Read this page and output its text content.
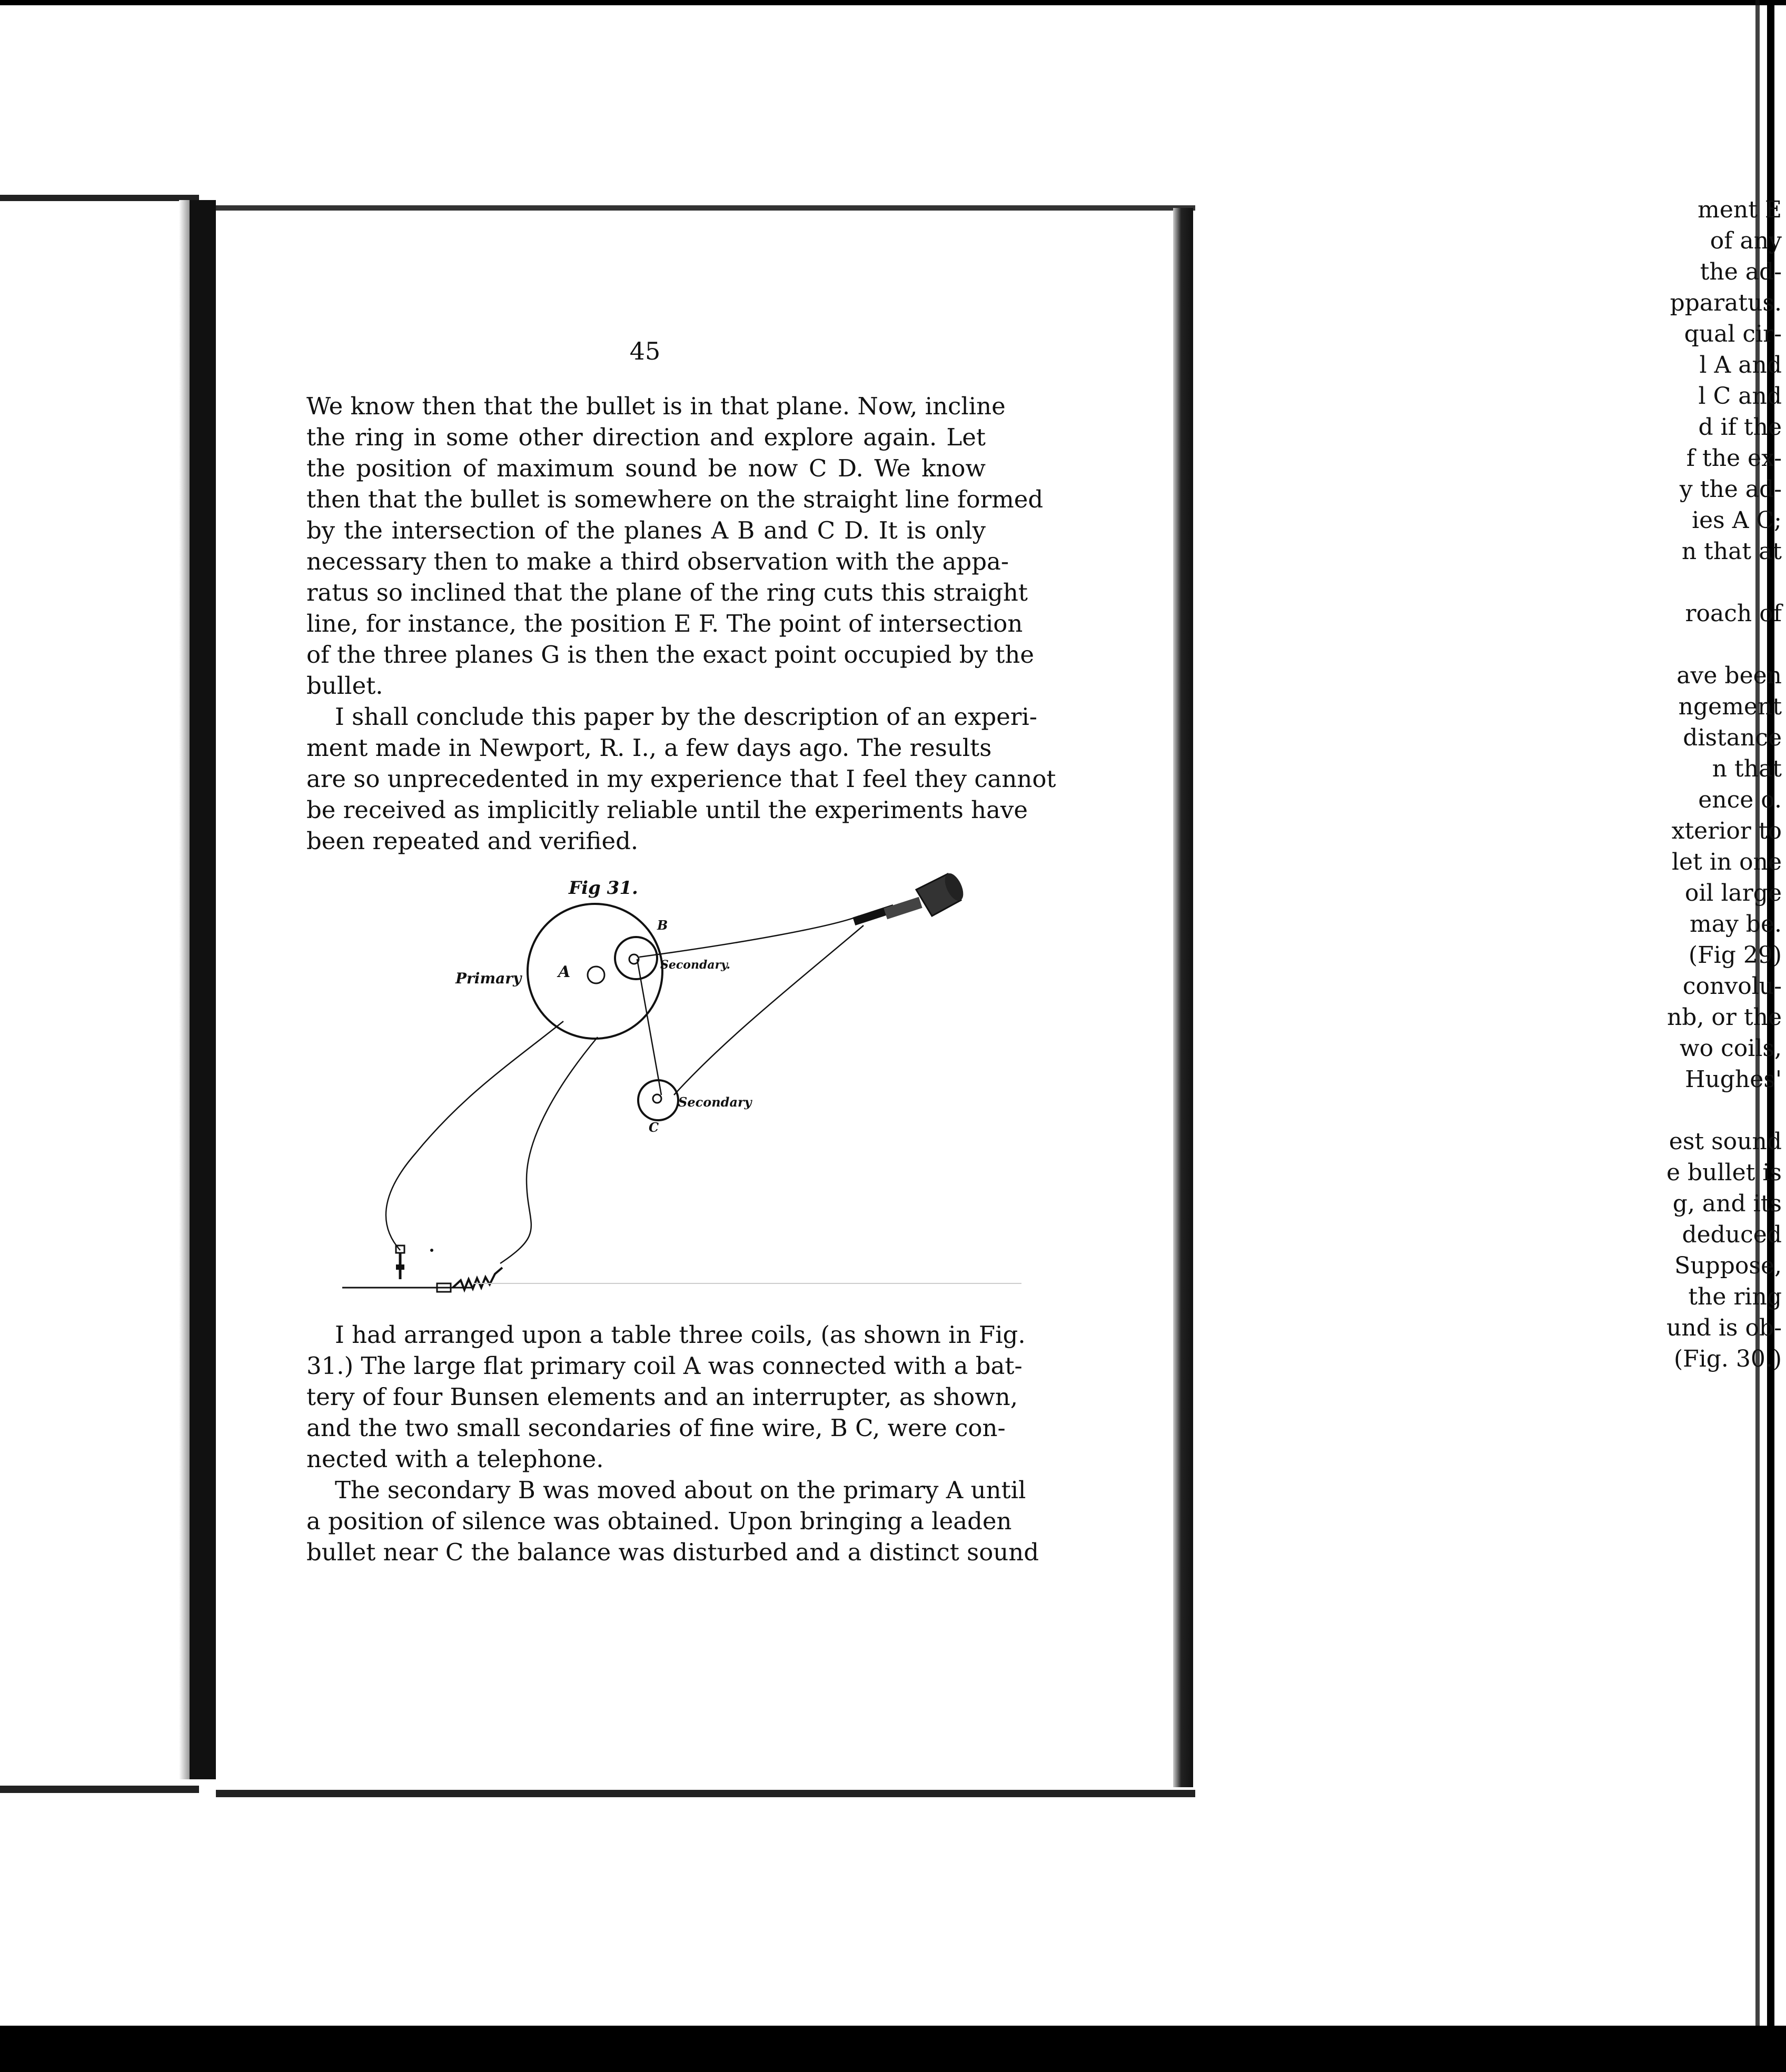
ment E
of any
the ad-
pparatus.
qual cir-
l A and
l C and
d if the
f the ex-
y the ad-
ies A C;
n that at
roach of
ave been
ngement
distance
n that
ence o.
xterior to
let in one
oil large
may be.
(Fig 29)
convolu-
nb, or the
wo coils,
Hughes'
est sound
e bullet is
g, and its
deduced
Suppose,
the ring
und is ob-
(Fig. 30.)
45
We know then that the bullet is in that plane. Now, incline
the ring in some other direction and explore again. Let
the position of maximum sound be now C D. We know
then that the bullet is somewhere on the straight line formed
by the intersection of the planes A B and C D. It is only
necessary then to make a third observation with the appa-
ratus so inclined that the plane of the ring cuts this straight
line, for instance, the position E F. The point of intersection
of the three planes G is then the exact point occupied by the
bullet.
I shall conclude this paper by the description of an experi-
ment made in Newport, R. I., a few days ago. The results
are so unprecedented in my experience that I feel they cannot
be received as implicitly reliable until the experiments have
been repeated and verified.
Fig 31.
Primary A
B
Secondary.
Secondary
C
I had arranged upon a table three coils, (as shown in Fig.
31.) The large flat primary coil A was connected with a bat-
tery of four Bunsen elements and an interrupter, as shown,
and the two small secondaries of fine wire, B C, were con-
nected with a telephone.
The secondary B was moved about on the primary A until
a position of silence was obtained. Upon bringing a leaden
bullet near C the balance was disturbed and a distinct sound
